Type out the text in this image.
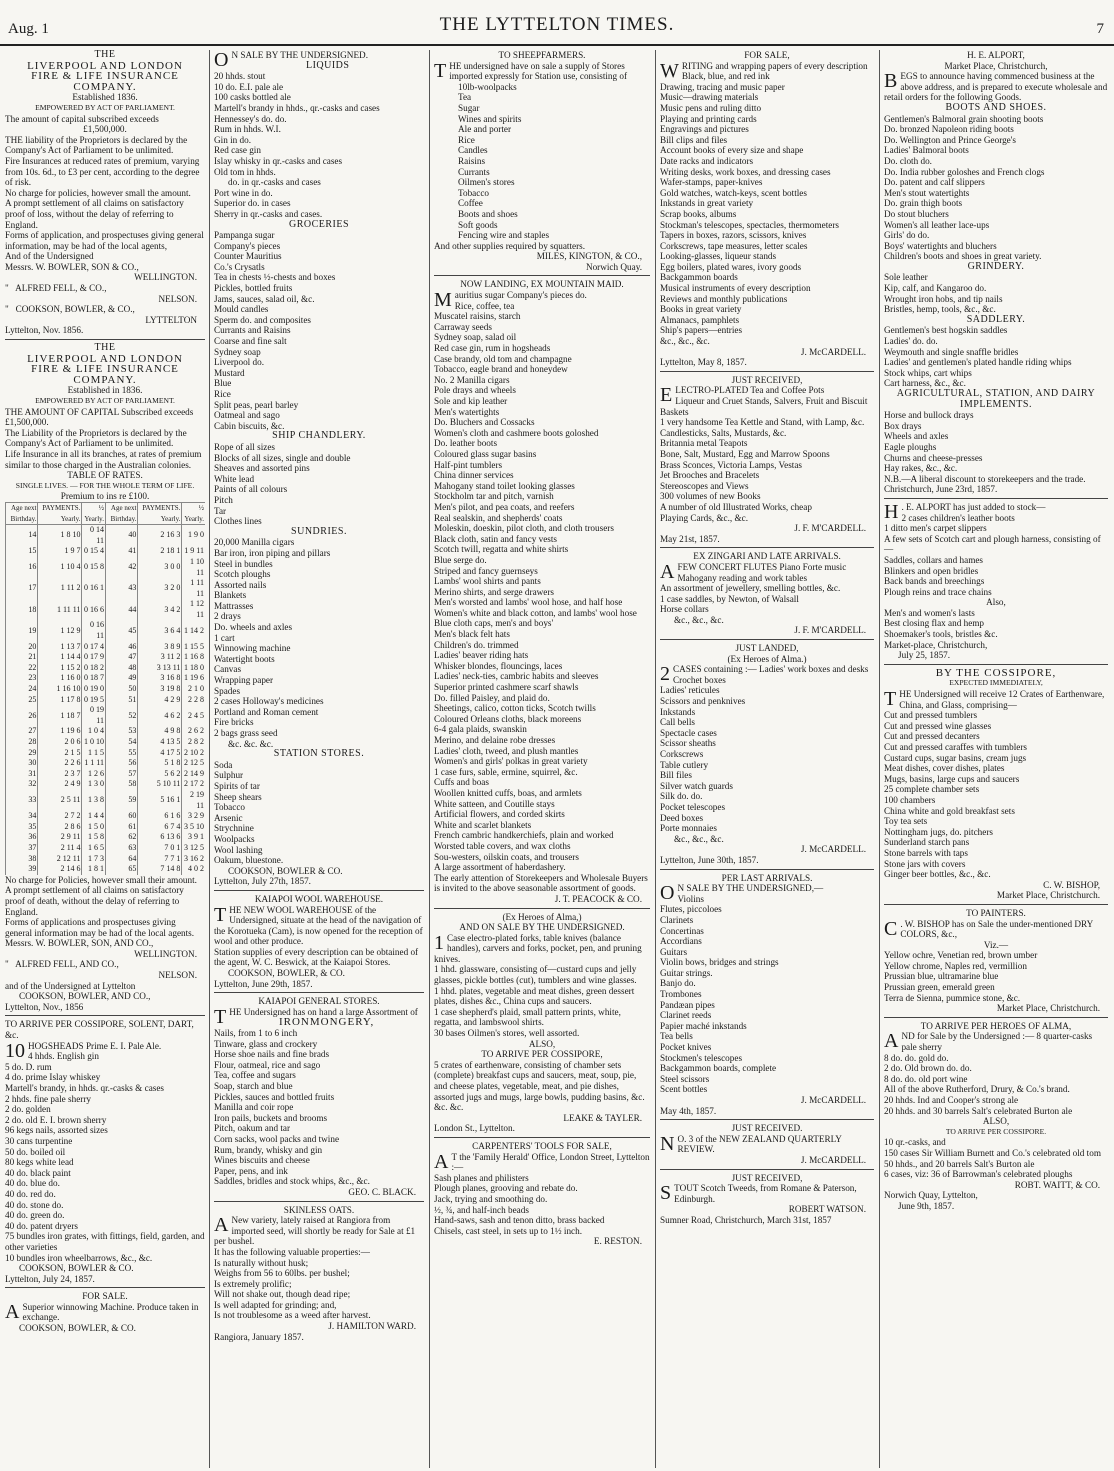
Aug. 1	THE LYTTELTON TIMES.	7
THE
LIVERPOOL AND LONDON
FIRE & LIFE INSURANCE COMPANY.
Established 1836.
EMPOWERED BY ACT OF PARLIAMENT.
The amount of capital subscribed exceeds
£1,500,000.
THE liability of the Proprietors is declared by the Company's Act of Parliament to be unlimited.
Fire Insurances at reduced rates of premium, varying from 10s. 6d., to £3 per cent, according to the degree of risk.
No charge for policies, however small the amount.
A prompt settlement of all claims on satisfactory proof of loss, without the delay of referring to England.
Forms of application, and prospectuses giving general information, may be had of the local agents,
And of the Undersigned
Messrs. W. BOWLER, SON & CO.,
WELLINGTON.
"   ALFRED FELL, & CO.,
NELSON.
"   COOKSON, BOWLER, & CO.,
LYTTELTON
Lyttelton, Nov. 1856.
THE
LIVERPOOL AND LONDON
FIRE & LIFE INSURANCE COMPANY.
Established in 1836.
EMPOWERED BY ACT OF PARLIAMENT.
THE AMOUNT OF CAPITAL Subscribed exceeds £1,500,000.
The Liability of the Proprietors is declared by the Company's Act of Parliament to be unlimited.
Life Insurance in all its branches, at rates of premium similar to those charged in the Australian colonies.
TABLE OF RATES.
SINGLE LIVES. — FOR THE WHOLE TERM OF LIFE.
Premium to ins re £100.
Age next Birthday.	PAYMENTS. Yearly.	½ Yearly.	Age next Birthday.	PAYMENTS. Yearly.	½ Yearly.
14	1 8 10	0 14 11	40	2 16 3	1 9 0
15	1 9 7	0 15 4	41	2 18 1	1 9 11
16	1 10 4	0 15 8	42	3 0 0	1 10 11
17	1 11 2	0 16 1	43	3 2 0	1 11 11
18	1 11 11	0 16 6	44	3 4 2	1 12 11
19	1 12 9	0 16 11	45	3 6 4	1 14 2
20	1 13 7	0 17 4	46	3 8 9	1 15 5
21	1 14 4	0 17 9	47	3 11 2	1 16 8
22	1 15 2	0 18 2	48	3 13 11	1 18 0
23	1 16 0	0 18 7	49	3 16 8	1 19 6
24	1 16 10	0 19 0	50	3 19 8	2 1 0
25	1 17 8	0 19 5	51	4 2 9	2 2 8
26	1 18 7	0 19 11	52	4 6 2	2 4 5
27	1 19 6	1 0 4	53	4 9 8	2 6 2
28	2 0 6	1 0 10	54	4 13 5	2 8 2
29	2 1 5	1 1 5	55	4 17 5	2 10 2
30	2 2 6	1 1 11	56	5 1 8	2 12 5
31	2 3 7	1 2 6	57	5 6 2	2 14 9
32	2 4 9	1 3 0	58	5 10 11	2 17 2
33	2 5 11	1 3 8	59	5 16 1	2 19 11
34	2 7 2	1 4 4	60	6 1 6	3 2 9
35	2 8 6	1 5 0	61	6 7 4	3 5 10
36	2 9 11	1 5 8	62	6 13 6	3 9 1
37	2 11 4	1 6 5	63	7 0 1	3 12 5
38	2 12 11	1 7 3	64	7 7 1	3 16 2
39	2 14 6	1 8 1	65	7 14 8	4 0 2
No charge for Policies, however small their amount.
A prompt settlement of all claims on satisfactory proof of death, without the delay of referring to England.
Forms of applications and prospectuses giving general information may be had of the local agents.
Messrs. W. BOWLER, SON, AND CO.,
WELLINGTON.
"   ALFRED FELL, AND CO.,
NELSON.
and of the Undersigned at Lyttelton
COOKSON, BOWLER, AND CO.,
Lyttelton, Nov., 1856
TO ARRIVE PER COSSIPORE, SOLENT, DART, &c.
10 HOGSHEADS Prime E. I. Pale Ale.
4 hhds. English gin
5 do. D. rum
4 do. prime Islay whiskey
Martell's brandy, in hhds. qr.-casks & cases
2 hhds. fine pale sherry
2 do. golden
2 do. old E. I. brown sherry
96 kegs nails, assorted sizes
30 cans turpentine
50 do. boiled oil
80 kegs white lead
40 do. black paint
40 do. blue do.
40 do. red do.
40 do. stone do.
40 do. green do.
40 do. patent dryers
75 bundles iron grates, with fittings, field, garden, and other varieties
10 bundles iron wheelbarrows, &c., &c.
COOKSON, BOWLER & CO.
Lyttelton, July 24, 1857.
FOR SALE.
A Superior winnowing Machine. Produce taken in exchange.
COOKSON, BOWLER, & CO.
O N SALE BY THE UNDERSIGNED.
LIQUIDS
20 hhds. stout
10 do. E.I. pale ale
100 casks bottled ale
Martell's brandy in hhds., qr.-casks and cases
Hennessey's do. do.
Rum in hhds. W.I.
Gin in do.
Red case gin
Islay whisky in qr.-casks and cases
Old tom in hhds.
do. in qr.-casks and cases
Port wine in do.
Superior do. in cases
Sherry in qr.-casks and cases.
GROCERIES
Pampanga sugar
Company's pieces
Counter Mauritius
Co.'s Crysatls
Tea in chests ½-chests and boxes
Pickles, bottled fruits
Jams, sauces, salad oil, &c.
Mould candles
Sperm do. and composites
Currants and Raisins
Coarse and fine salt
Sydney soap
Liverpool do.
Mustard
Blue
Rice
Split peas, pearl barley
Oatmeal and sago
Cabin biscuits, &c.
SHIP CHANDLERY.
Rope of all sizes
Blocks of all sizes, single and double
Sheaves and assorted pins
White lead
Paints of all colours
Pitch
Tar
Clothes lines
SUNDRIES.
20,000 Manilla cigars
Bar iron, iron piping and pillars
Steel in bundles
Scotch ploughs
Assorted nails
Blankets
Mattrasses
2 drays
Do. wheels and axles
1 cart
Winnowing machine
Watertight boots
Canvas
Wrapping paper
Spades
2 cases Holloway's medicines
Portland and Roman cement
Fire bricks
2 bags grass seed
&c. &c. &c.
STATION STORES.
Soda
Sulphur
Spirits of tar
Sheep shears
Tobacco
Arsenic
Strychnine
Woolpacks
Wool lashing
Oakum, bluestone.
COOKSON, BOWLER & CO.
Lyttelton, July 27th, 1857.
KAIAPOI WOOL WAREHOUSE.
THE NEW WOOL WAREHOUSE of the Undersigned, situate at the head of the navigation of the Korotueka (Cam), is now opened for the reception of wool and other produce.
Station supplies of every description can be obtained of the agent, W. C. Beswick, at the Kaiapoi Stores.
COOKSON, BOWLER, & CO.
Lyttelton, June 29th, 1857.
KAIAPOI GENERAL STORES.
THE Undersigned has on hand a large Assortment of
IRONMONGERY,
Nails, from 1 to 6 inch
Tinware, glass and crockery
Horse shoe nails and fine brads
Flour, oatmeal, rice and sago
Tea, coffee and sugars
Soap, starch and blue
Pickles, sauces and bottled fruits
Manilla and coir rope
Iron pails, buckets and brooms
Pitch, oakum and tar
Corn sacks, wool packs and twine
Rum, brandy, whisky and gin
Wines biscuits and cheese
Paper, pens, and ink
Saddles, bridles and stock whips, &c., &c.
GEO. C. BLACK.
SKINLESS OATS.
A New variety, lately raised at Rangiora from imported seed, will shortly be ready for Sale at £1 per bushel.
It has the following valuable properties:—
Is naturally without husk;
Weighs from 56 to 60lbs. per bushel;
Is extremely prolific;
Will not shake out, though dead ripe;
Is well adapted for grinding; and,
Is not troublesome as a weed after harvest.
J. HAMILTON WARD.
Rangiora, January 1857.
TO SHEEPFARMERS.
THE undersigned have on sale a supply of Stores imported expressly for Station use, consisting of
10lb-woolpacks
Tea
Sugar
Wines and spirits
Ale and porter
Rice
Candles
Raisins
Currants
Oilmen's stores
Tobacco
Coffee
Boots and shoes
Soft goods
Fencing wire and staples
And other supplies required by squatters.
MILES, KINGTON, & CO.,
Norwich Quay.
NOW LANDING, EX MOUNTAIN MAID.
Mauritius sugar Company's pieces do.
Rice, coffee, tea
Muscatel raisins, starch
Carraway seeds
Sydney soap, salad oil
Red case gin, rum in hogsheads
Case brandy, old tom and champagne
Tobacco, eagle brand and honeydew
No. 2 Manilla cigars
Pole drays and wheels
Sole and kip leather
Men's watertights
Do. Bluchers and Cossacks
Women's cloth and cashmere boots goloshed
Do. leather boots
Coloured glass sugar basins
Half-pint tumblers
China dinner services
Mahogany stand toilet looking glasses
Stockholm tar and pitch, varnish
Men's pilot, and pea coats, and reefers
Real sealskin, and shepherds' coats
Moleskin, doeskin, pilot cloth, and cloth trousers
Black cloth, satin and fancy vests
Scotch twill, regatta and white shirts
Blue serge do.
Striped and fancy guernseys
Lambs' wool shirts and pants
Merino shirts, and serge drawers
Men's worsted and lambs' wool hose, and half hose
Women's white and black cotton, and lambs' wool hose
Blue cloth caps, men's and boys'
Men's black felt hats
Children's do. trimmed
Ladies' beaver riding hats
Whisker blondes, flouncings, laces
Ladies' neck-ties, cambric habits and sleeves
Superior printed cashmere scarf shawls
Do. filled Paisley, and plaid do.
Sheetings, calico, cotton ticks, Scotch twills
Coloured Orleans cloths, black moreens
6-4 gala plaids, swanskin
Merino, and delaine robe dresses
Ladies' cloth, tweed, and plush mantles
Women's and girls' polkas in great variety
1 case furs, sable, ermine, squirrel, &c.
Cuffs and boas
Woollen knitted cuffs, boas, and armlets
White satteen, and Coutille stays
Artificial flowers, and corded skirts
White and scarlet blankets
French cambric handkerchiefs, plain and worked
Worsted table covers, and wax cloths
Sou-westers, oilskin coats, and trousers
A large assortment of haberdashery.
The early attention of Storekeepers and Wholesale Buyers is invited to the above seasonable assortment of goods.
J. T. PEACOCK & CO.
(Ex Heroes of Alma,)
AND ON SALE BY THE UNDERSIGNED.
1 Case electro-plated forks, table knives (balance handles), carvers and forks, pocket, pen, and pruning knives.
1 hhd. glassware, consisting of—custard cups and jelly glasses, pickle bottles (cut), tumblers and wine glasses.
1 hhd. plates, vegetable and meat dishes, green dessert plates, dishes &c., China cups and saucers.
1 case shepherd's plaid, small pattern prints, white, regatta, and lambswool shirts.
30 bases Oilmen's stores, well assorted.
ALSO,
TO ARRIVE PER COSSIPORE,
5 crates of earthenware, consisting of chamber sets (complete) breakfast cups and saucers, meat, soup, pie, and cheese plates, vegetable, meat, and pie dishes, assorted jugs and mugs, large bowls, pudding basins, &c. &c. &c.
LEAKE & TAYLER.
London St., Lyttelton.
CARPENTERS' TOOLS FOR SALE,
A T the 'Family Herald' Office, London Street, Lyttelton :—
Sash planes and philisters
Plough planes, grooving and rebate do.
Jack, trying and smoothing do.
½, ¾, and half-inch beads
Hand-saws, sash and tenon ditto, brass backed
Chisels, cast steel, in sets up to 1½ inch.
E. RESTON.
FOR SALE,
WRITING and wrapping papers of every description
Black, blue, and red ink
Drawing, tracing and music paper
Music—drawing materials
Music pens and ruling ditto
Playing and printing cards
Engravings and pictures
Bill clips and files
Account books of every size and shape
Date racks and indicators
Writing desks, work boxes, and dressing cases
Wafer-stamps, paper-knives
Gold watches, watch-keys, scent bottles
Inkstands in great variety
Scrap books, albums
Stockman's telescopes, spectacles, thermometers
Tapers in boxes, razors, scissors, knives
Corkscrews, tape measures, letter scales
Looking-glasses, liqueur stands
Egg boilers, plated wares, ivory goods
Backgammon boards
Musical instruments of every description
Reviews and monthly publications
Books in great variety
Almanacs, pamphlets
Ship's papers—entries
&c., &c., &c.
J. McCARDELL.
Lyttelton, May 8, 1857.
JUST RECEIVED,
ELECTRO-PLATED Tea and Coffee Pots
Liqueur and Cruet Stands, Salvers, Fruit and Biscuit Baskets
1 very handsome Tea Kettle and Stand, with Lamp, &c.
Candlesticks, Salts, Mustards, &c.
Britannia metal Teapots
Bone, Salt, Mustard, Egg and Marrow Spoons
Brass Sconces, Victoria Lamps, Vestas
Jet Brooches and Bracelets
Stereoscopes and Views
300 volumes of new Books
A number of old Illustrated Works, cheap
Playing Cards, &c., &c.
J. F. M'CARDELL.
May 21st, 1857.
EX ZINGARI AND LATE ARRIVALS.
AFEW CONCERT FLUTES Piano Forte music
Mahogany reading and work tables
An assortment of jewellery, smelling bottles, &c.
1 case saddles, by Newton, of Walsall
Horse collars
&c., &c., &c.
J. F. M'CARDELL.
JUST LANDED,
(Ex Heroes of Alma.)
2 CASES containing :— Ladies' work boxes and desks
Crochet boxes
Ladies' reticules
Scissors and penknives
Inkstands
Call bells
Spectacle cases
Scissor sheaths
Corkscrews
Table cutlery
Bill files
Silver watch guards
Silk do. do.
Pocket telescopes
Deed boxes
Porte monnaies
&c., &c., &c.
J. McCARDELL.
Lyttelton, June 30th, 1857.
PER LAST ARRIVALS.
O N SALE BY THE UNDERSIGNED,—
Violins
Flutes, piccoloes
Clarinets
Concertinas
Accordians
Guitars
Violin bows, bridges and strings
Guitar strings.
Banjo do.
Trombones
Pandæan pipes
Clarinet reeds
Papier maché inkstands
Tea bells
Pocket knives
Stockmen's telescopes
Backgammon boards, complete
Steel scissors
Scent bottles
J. McCARDELL.
May 4th, 1857.
JUST RECEIVED.
N O. 3 of the NEW ZEALAND QUARTERLY REVIEW.
J. McCARDELL.
JUST RECEIVED,
STOUT Scotch Tweeds, from Romane & Paterson, Edinburgh.
ROBERT WATSON.
Sumner Road, Christchurch, March 31st, 1857
H. E. ALPORT,
Market Place, Christchurch,
BEGS to announce having commenced business at the above address, and is prepared to execute wholesale and retail orders for the following Goods.
BOOTS AND SHOES.
Gentlemen's Balmoral grain shooting boots
Do. bronzed Napoleon riding boots
Do. Wellington and Prince George's
Ladies' Balmoral boots
Do. cloth do.
Do. India rubber goloshes and French clogs
Do. patent and calf slippers
Men's stout watertights
Do. grain thigh boots
Do stout bluchers
Women's all leather lace-ups
Girls' do do.
Boys' watertights and bluchers
Children's boots and shoes in great variety.
GRINDERY.
Sole leather
Kip, calf, and Kangaroo do.
Wrought iron hobs, and tip nails
Bristles, hemp, tools, &c., &c.
SADDLERY.
Gentlemen's best hogskin saddles
Ladies' do. do.
Weymouth and single snaffle bridles
Ladies' and gentlemen's plated handle riding whips
Stock whips, cart whips
Cart harness, &c., &c.
AGRICULTURAL, STATION, AND DAIRY IMPLEMENTS.
Horse and bullock drays
Box drays
Wheels and axles
Eagle ploughs
Churns and cheese-presses
Hay rakes, &c., &c.
N.B.—A liberal discount to storekeepers and the trade.
Christchurch, June 23rd, 1857.
H . E. ALPORT has just added to stock—
2 cases children's leather boots
1 ditto men's carpet slippers
A few sets of Scotch cart and plough harness, consisting of—
Saddles, collars and hames
Blinkers and open bridles
Back bands and breechings
Plough reins and trace chains
Also,
Men's and women's lasts
Best closing flax and hemp
Shoemaker's tools, bristles &c.
Market-place, Christchurch,
July 25, 1857.
BY THE COSSIPORE,
EXPECTED IMMEDIATELY,
THE Undersigned will receive 12 Crates of Earthenware, China, and Glass, comprising—
Cut and pressed tumblers
Cut and pressed wine glasses
Cut and pressed decanters
Cut and pressed caraffes with tumblers
Custard cups, sugar basins, cream jugs
Meat dishes, cover dishes, plates
Mugs, basins, large cups and saucers
25 complete chamber sets
100 chambers
China white and gold breakfast sets
Toy tea sets
Nottingham jugs, do. pitchers
Sunderland starch pans
Stone barrels with taps
Stone jars with covers
Ginger beer bottles, &c., &c.
C. W. BISHOP,
Market Place, Christchurch.
TO PAINTERS.
C . W. BISHOP has on Sale the under-mentioned DRY COLORS, &c.,
Viz.—
Yellow ochre, Venetian red, brown umber
Yellow chrome, Naples red, vermillion
Prussian blue, ultramarine blue
Prussian green, emerald green
Terra de Sienna, pummice stone, &c.
Market Place, Christchurch.
TO ARRIVE PER HEROES OF ALMA,
AND for Sale by the Undersigned :— 8 quarter-casks pale sherry
8 do. do. gold do.
2 do. Old brown do. do.
8 do. do. old port wine
All of the above Rutherford, Drury, & Co.'s brand.
20 hhds. Ind and Cooper's strong ale
20 hhds. and 30 barrels Salt's celebrated Burton ale
ALSO,
TO ARRIVE PER COSSIPORE.
10 qr.-casks, and
150 cases Sir William Burnett and Co.'s celebrated old tom
50 hhds., and 20 barrels Salt's Burton ale
6 cases, viz: 36 of Barrowman's celebrated ploughs
ROBT. WAITT, & CO.
Norwich Quay, Lyttelton,
June 9th, 1857.
